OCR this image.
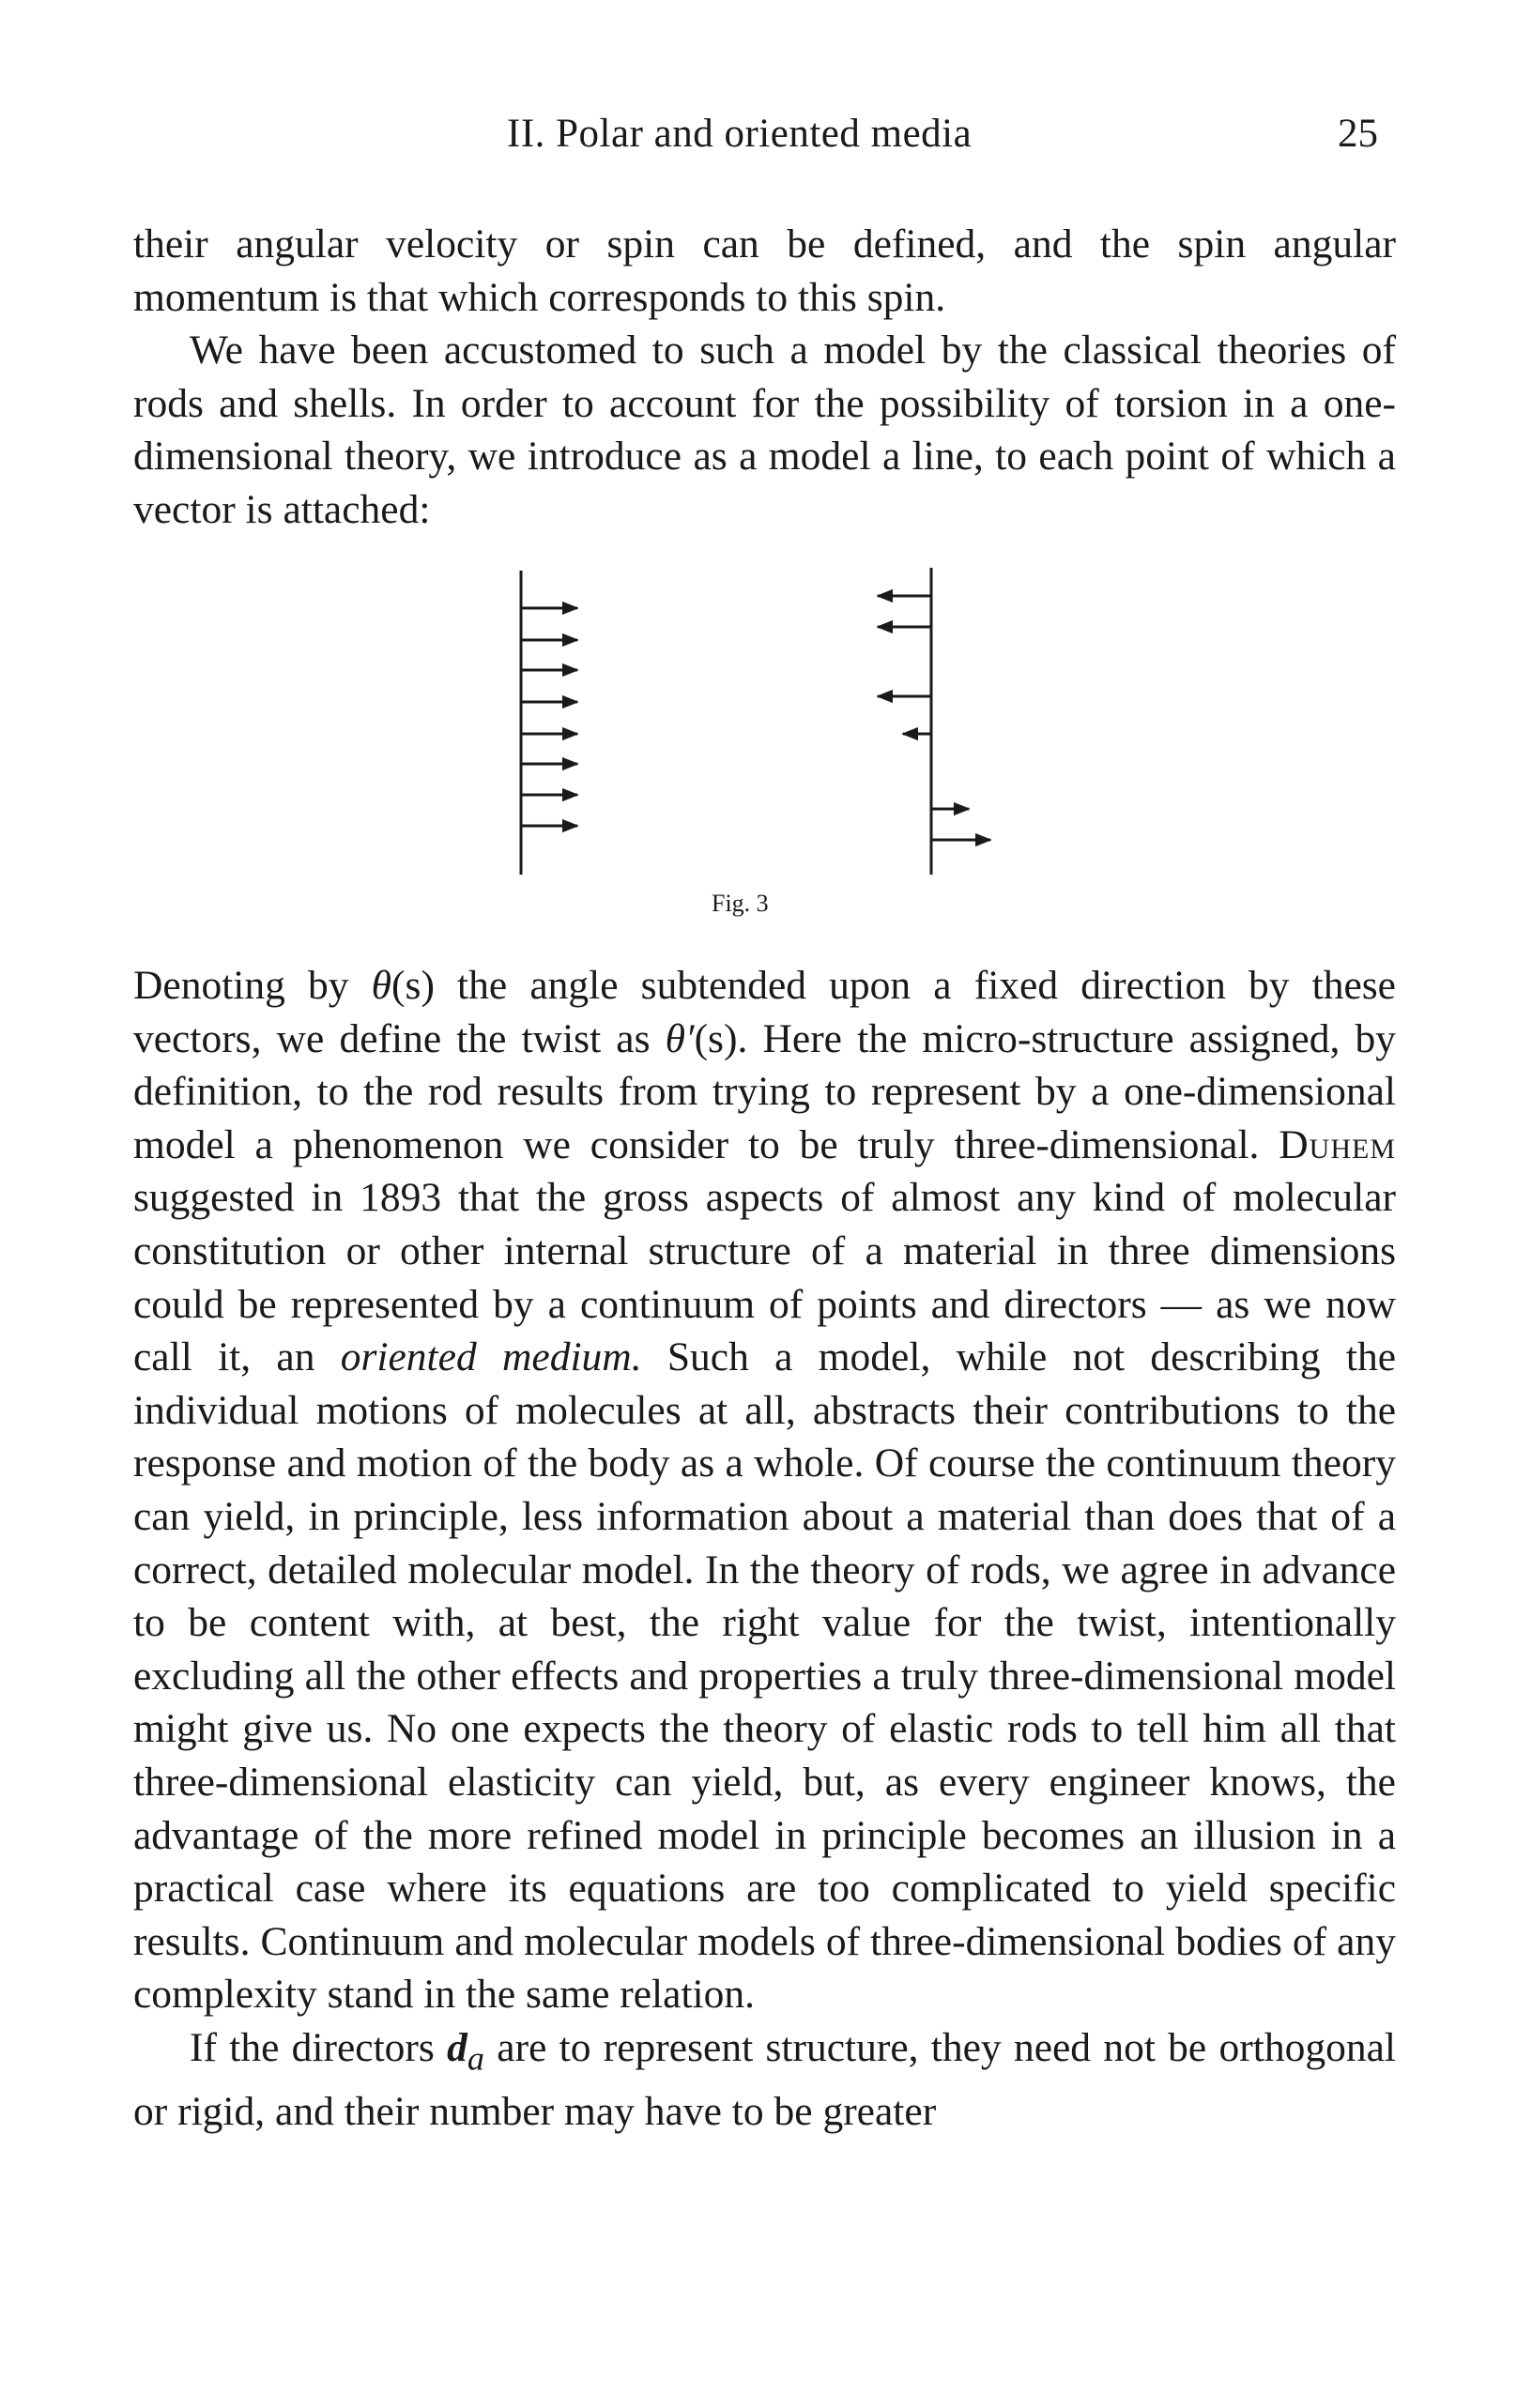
II. Polar and oriented media	25

their angular velocity or spin can be defined, and the spin angular momentum is that which corresponds to this spin.

We have been accustomed to such a model by the classical theories of rods and shells. In order to account for the possibility of torsion in a one-dimensional theory, we introduce as a model a line, to each point of which a vector is attached:

Fig. 3

Denoting by θ(s) the angle subtended upon a fixed direction by these vectors, we define the twist as θ′(s). Here the micro-structure assigned, by definition, to the rod results from trying to represent by a one-dimensional model a phenomenon we consider to be truly three-dimensional. Duhem suggested in 1893 that the gross aspects of almost any kind of molecular constitution or other internal structure of a material in three dimensions could be represented by a continuum of points and directors — as we now call it, an oriented medium. Such a model, while not describing the individual motions of molecules at all, abstracts their contributions to the response and motion of the body as a whole. Of course the continuum theory can yield, in principle, less information about a material than does that of a correct, detailed molecular model. In the theory of rods, we agree in advance to be content with, at best, the right value for the twist, intentionally excluding all the other effects and properties a truly three-dimensional model might give us. No one expects the theory of elastic rods to tell him all that three-dimensional elasticity can yield, but, as every engineer knows, the advantage of the more refined model in principle becomes an illusion in a practical case where its equations are too complicated to yield specific results. Continuum and molecular models of three-dimensional bodies of any complexity stand in the same relation.

If the directors $d_a$ are to represent structure, they need not be orthogonal or rigid, and their number may have to be greater
